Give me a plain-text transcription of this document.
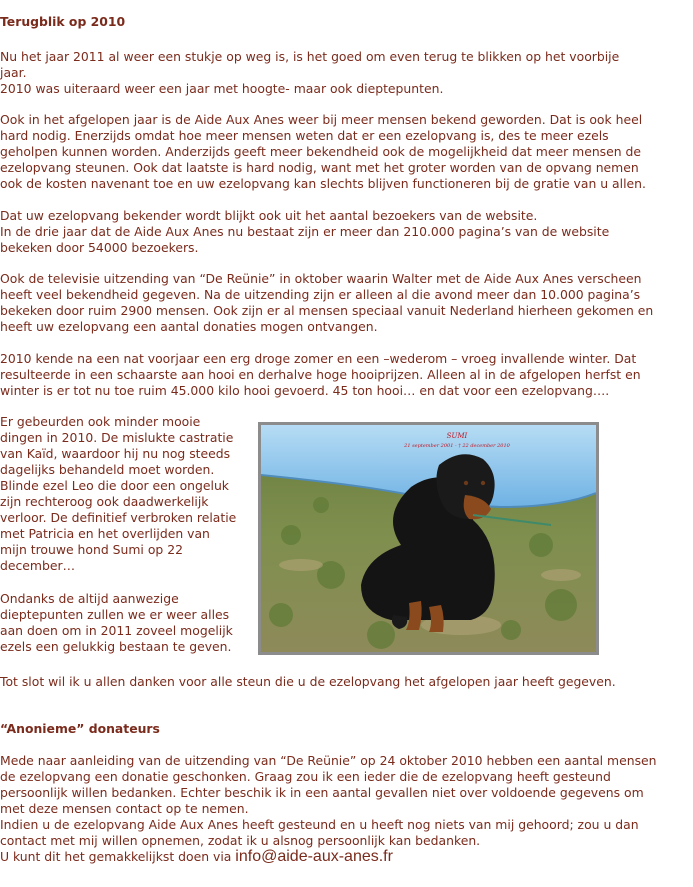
Terugblik op 2010

Nu het jaar 2011 al weer een stukje op weg is, is het goed om even terug te blikken op het voorbije
jaar.
2010 was uiteraard weer een jaar met hoogte- maar ook dieptepunten.

Ook in het afgelopen jaar is de Aide Aux Anes weer bij meer mensen bekend geworden. Dat is ook heel
hard nodig. Enerzijds omdat hoe meer mensen weten dat er een ezelopvang is, des te meer ezels
geholpen kunnen worden. Anderzijds geeft meer bekendheid ook de mogelijkheid dat meer mensen de
ezelopvang steunen. Ook dat laatste is hard nodig, want met het groter worden van de opvang nemen
ook de kosten navenant toe en uw ezelopvang kan slechts blijven functioneren bij de gratie van u allen.

Dat uw ezelopvang bekender wordt blijkt ook uit het aantal bezoekers van de website.
In de drie jaar dat de Aide Aux Anes nu bestaat zijn er meer dan 210.000 pagina’s van de website
bekeken door 54000 bezoekers.

Ook de televisie uitzending van “De Reünie” in oktober waarin Walter met de Aide Aux Anes verscheen
heeft veel bekendheid gegeven. Na de uitzending zijn er alleen al die avond meer dan 10.000 pagina’s
bekeken door ruim 2900 mensen. Ook zijn er al mensen speciaal vanuit Nederland hierheen gekomen en
heeft uw ezelopvang een aantal donaties mogen ontvangen.

2010 kende na een nat voorjaar een erg droge zomer en een –wederom – vroeg invallende winter. Dat
resulteerde in een schaarste aan hooi en derhalve hoge hooiprijzen. Alleen al in de afgelopen herfst en
winter is er tot nu toe ruim 45.000 kilo hooi gevoerd. 45 ton hooi… en dat voor een ezelopvang….

Er gebeurden ook minder mooie
dingen in 2010. De mislukte castratie
van Kaïd, waardoor hij nu nog steeds
dagelijks behandeld moet worden.
Blinde ezel Leo die door een ongeluk
zijn rechteroog ook daadwerkelijk
verloor. De definitief verbroken relatie
met Patricia en het overlijden van
mijn trouwe hond Sumi op 22
december…

Ondanks de altijd aanwezige
dieptepunten zullen we er weer alles
aan doen om in 2011 zoveel mogelijk
ezels een gelukkig bestaan te geven.

SUMI
21 september 2001 - † 22 december 2010

Tot slot wil ik u allen danken voor alle steun die u de ezelopvang het afgelopen jaar heeft gegeven.

“Anonieme” donateurs

Mede naar aanleiding van de uitzending van “De Reünie” op 24 oktober 2010 hebben een aantal mensen
de ezelopvang een donatie geschonken. Graag zou ik een ieder die de ezelopvang heeft gesteund
persoonlijk willen bedanken. Echter beschik ik in een aantal gevallen niet over voldoende gegevens om
met deze mensen contact op te nemen.
Indien u de ezelopvang Aide Aux Anes heeft gesteund en u heeft nog niets van mij gehoord; zou u dan
contact met mij willen opnemen, zodat ik u alsnog persoonlijk kan bedanken.
U kunt dit het gemakkelijkst doen via info@aide-aux-anes.fr
